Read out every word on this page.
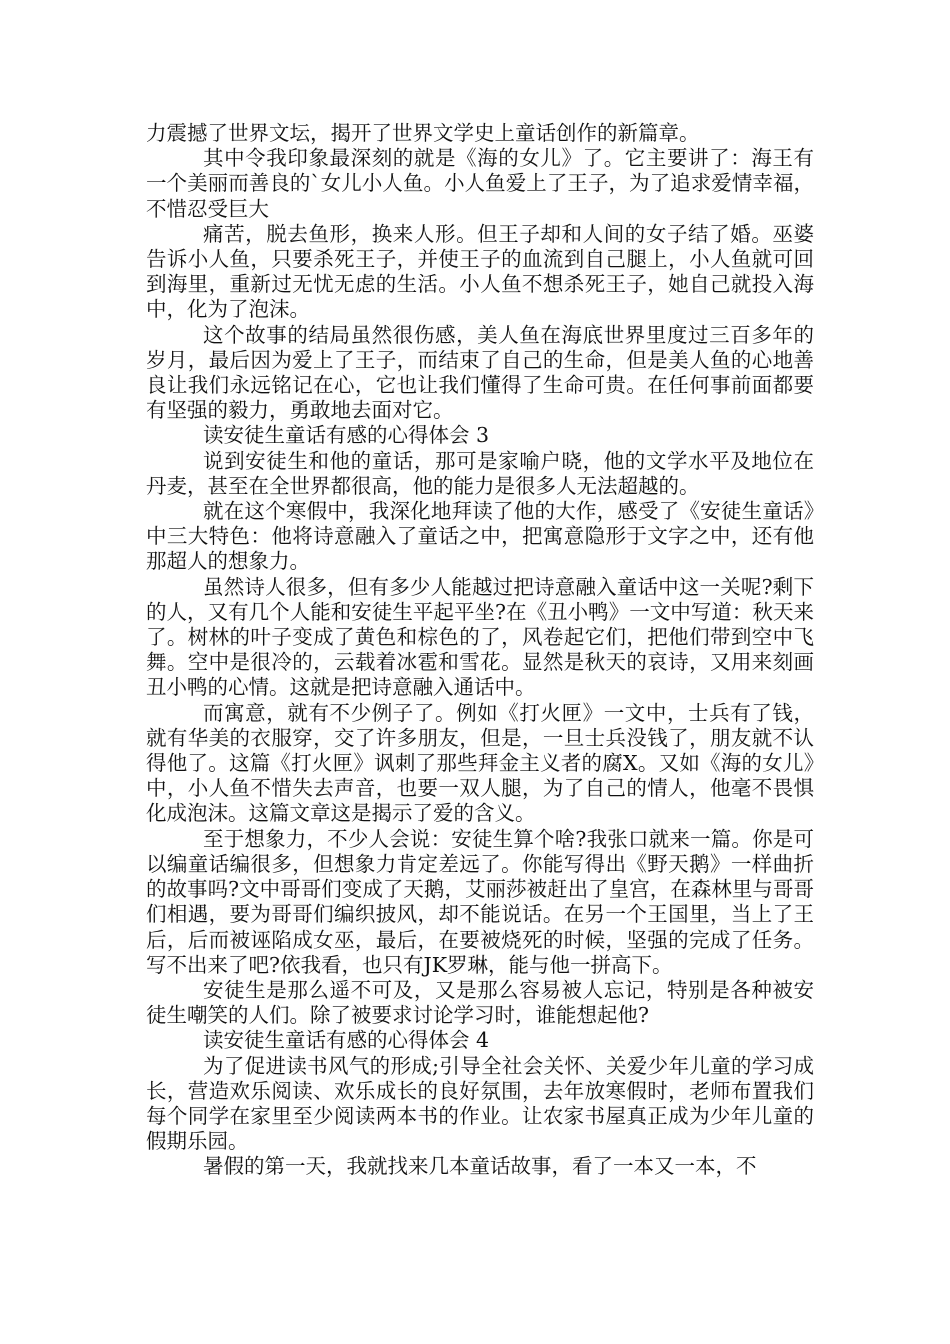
力震撼了世界文坛，揭开了世界文学史上童话创作的新篇章。

其中令我印象最深刻的就是《海的女儿》了。它主要讲了：海王有一个美丽而善良的`女儿小人鱼。小人鱼爱上了王子，为了追求爱情幸福，不惜忍受巨大

痛苦，脱去鱼形，换来人形。但王子却和人间的女子结了婚。巫婆告诉小人鱼，只要杀死王子，并使王子的血流到自己腿上，小人鱼就可回到海里，重新过无忧无虑的生活。小人鱼不想杀死王子，她自己就投入海中，化为了泡沫。

这个故事的结局虽然很伤感，美人鱼在海底世界里度过三百多年的岁月，最后因为爱上了王子，而结束了自己的生命，但是美人鱼的心地善良让我们永远铭记在心，它也让我们懂得了生命可贵。在任何事前面都要有坚强的毅力，勇敢地去面对它。

读安徒生童话有感的心得体会 3

说到安徒生和他的童话，那可是家喻户晓，他的文学水平及地位在丹麦，甚至在全世界都很高，他的能力是很多人无法超越的。

就在这个寒假中，我深化地拜读了他的大作，感受了《安徒生童话》中三大特色：他将诗意融入了童话之中，把寓意隐形于文字之中，还有他那超人的想象力。

虽然诗人很多，但有多少人能越过把诗意融入童话中这一关呢?剩下的人，又有几个人能和安徒生平起平坐?在《丑小鸭》一文中写道：秋天来了。树林的叶子变成了黄色和棕色的了，风卷起它们，把他们带到空中飞舞。空中是很冷的，云载着冰雹和雪花。显然是秋天的哀诗，又用来刻画丑小鸭的心情。这就是把诗意融入通话中。

而寓意，就有不少例子了。例如《打火匣》一文中，士兵有了钱，就有华美的衣服穿，交了许多朋友，但是，一旦士兵没钱了，朋友就不认得他了。这篇《打火匣》讽刺了那些拜金主义者的腐X。又如《海的女儿》中，小人鱼不惜失去声音，也要一双人腿，为了自己的情人，他毫不畏惧化成泡沫。这篇文章这是揭示了爱的含义。

至于想象力，不少人会说：安徒生算个啥?我张口就来一篇。你是可以编童话编很多，但想象力肯定差远了。你能写得出《野天鹅》一样曲折的故事吗?文中哥哥们变成了天鹅，艾丽莎被赶出了皇宫，在森林里与哥哥们相遇，要为哥哥们编织披风，却不能说话。在另一个王国里，当上了王后，后而被诬陷成女巫，最后，在要被烧死的时候，坚强的完成了任务。写不出来了吧?依我看，也只有JK罗琳，能与他一拼高下。

安徒生是那么遥不可及，又是那么容易被人忘记，特别是各种被安徒生嘲笑的人们。除了被要求讨论学习时，谁能想起他?

读安徒生童话有感的心得体会 4

为了促进读书风气的形成;引导全社会关怀、关爱少年儿童的学习成长，营造欢乐阅读、欢乐成长的良好氛围，去年放寒假时，老师布置我们每个同学在家里至少阅读两本书的作业。让农家书屋真正成为少年儿童的假期乐园。

暑假的第一天，我就找来几本童话故事，看了一本又一本，不
